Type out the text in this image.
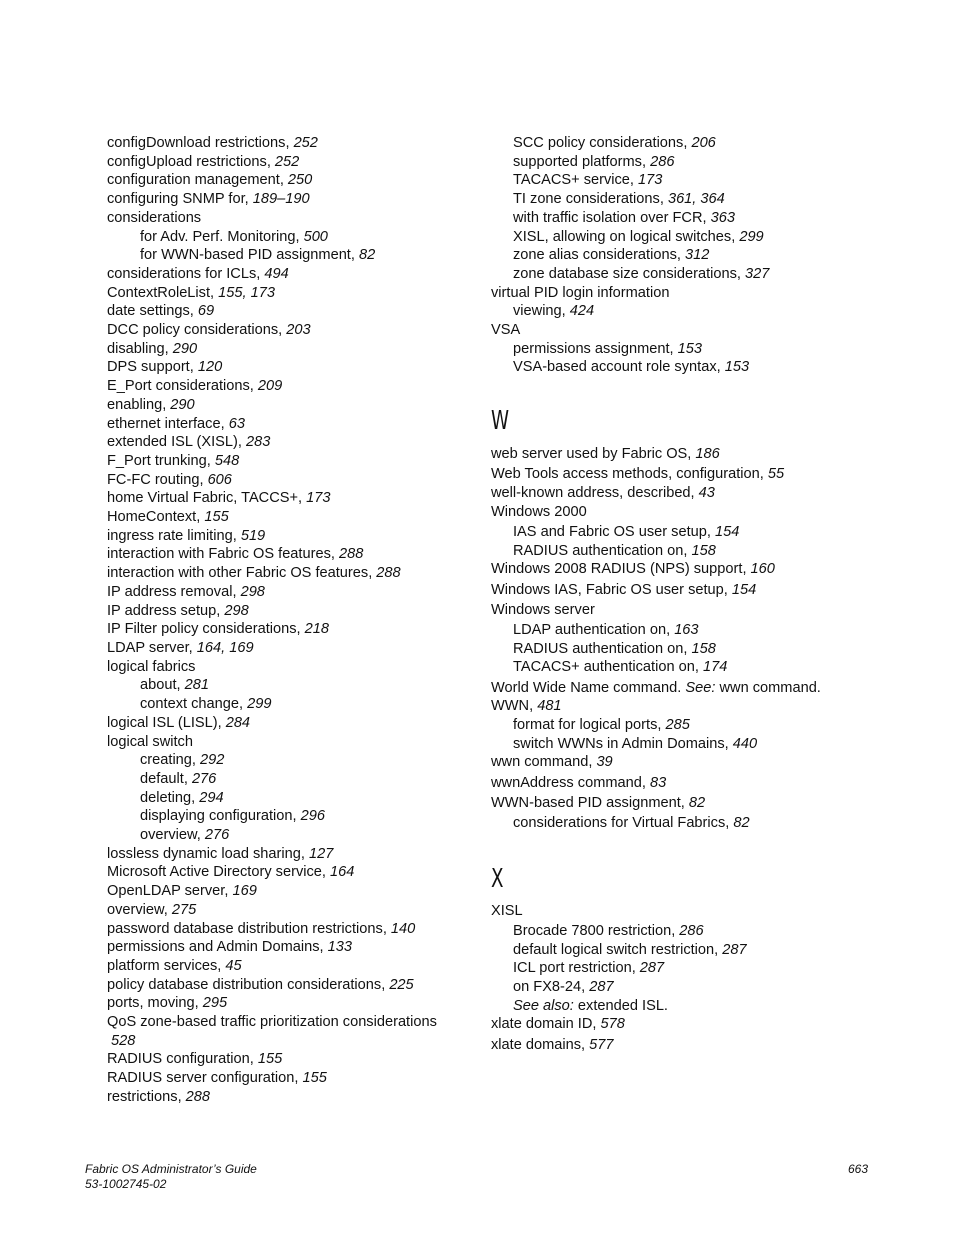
configDownload restrictions, 252
configUpload restrictions, 252
configuration management, 250
configuring SNMP for, 189–190
considerations
for Adv. Perf. Monitoring, 500
for WWN-based PID assignment, 82
considerations for ICLs, 494
ContextRoleList, 155, 173
date settings, 69
DCC policy considerations, 203
disabling, 290
DPS support, 120
E_Port considerations, 209
enabling, 290
ethernet interface, 63
extended ISL (XISL), 283
F_Port trunking, 548
FC-FC routing, 606
home Virtual Fabric, TACCS+, 173
HomeContext, 155
ingress rate limiting, 519
interaction with Fabric OS features, 288
interaction with other Fabric OS features, 288
IP address removal, 298
IP address setup, 298
IP Filter policy considerations, 218
LDAP server, 164, 169
logical fabrics
about, 281
context change, 299
logical ISL (LISL), 284
logical switch
creating, 292
default, 276
deleting, 294
displaying configuration, 296
overview, 276
lossless dynamic load sharing, 127
Microsoft Active Directory service, 164
OpenLDAP server, 169
overview, 275
password database distribution restrictions, 140
permissions and Admin Domains, 133
platform services, 45
policy database distribution considerations, 225
ports, moving, 295
QoS zone-based traffic prioritization considerations
528
RADIUS configuration, 155
RADIUS server configuration, 155
restrictions, 288
SCC policy considerations, 206
supported platforms, 286
TACACS+ service, 173
TI zone considerations, 361, 364
with traffic isolation over FCR, 363
XISL, allowing on logical switches, 299
zone alias considerations, 312
zone database size considerations, 327
virtual PID login information
viewing, 424
VSA
permissions assignment, 153
VSA-based account role syntax, 153
W
web server used by Fabric OS, 186
Web Tools access methods, configuration, 55
well-known address, described, 43
Windows 2000
IAS and Fabric OS user setup, 154
RADIUS authentication on, 158
Windows 2008 RADIUS (NPS) support, 160
Windows IAS, Fabric OS user setup, 154
Windows server
LDAP authentication on, 163
RADIUS authentication on, 158
TACACS+ authentication on, 174
World Wide Name command. See: wwn command.
WWN, 481
format for logical ports, 285
switch WWNs in Admin Domains, 440
wwn command, 39
wwnAddress command, 83
WWN-based PID assignment, 82
considerations for Virtual Fabrics, 82
X
XISL
Brocade 7800 restriction, 286
default logical switch restriction, 287
ICL port restriction, 287
on FX8-24, 287
See also: extended ISL.
xlate domain ID, 578
xlate domains, 577
Fabric OS Administrator’s Guide
53-1002745-02
663
